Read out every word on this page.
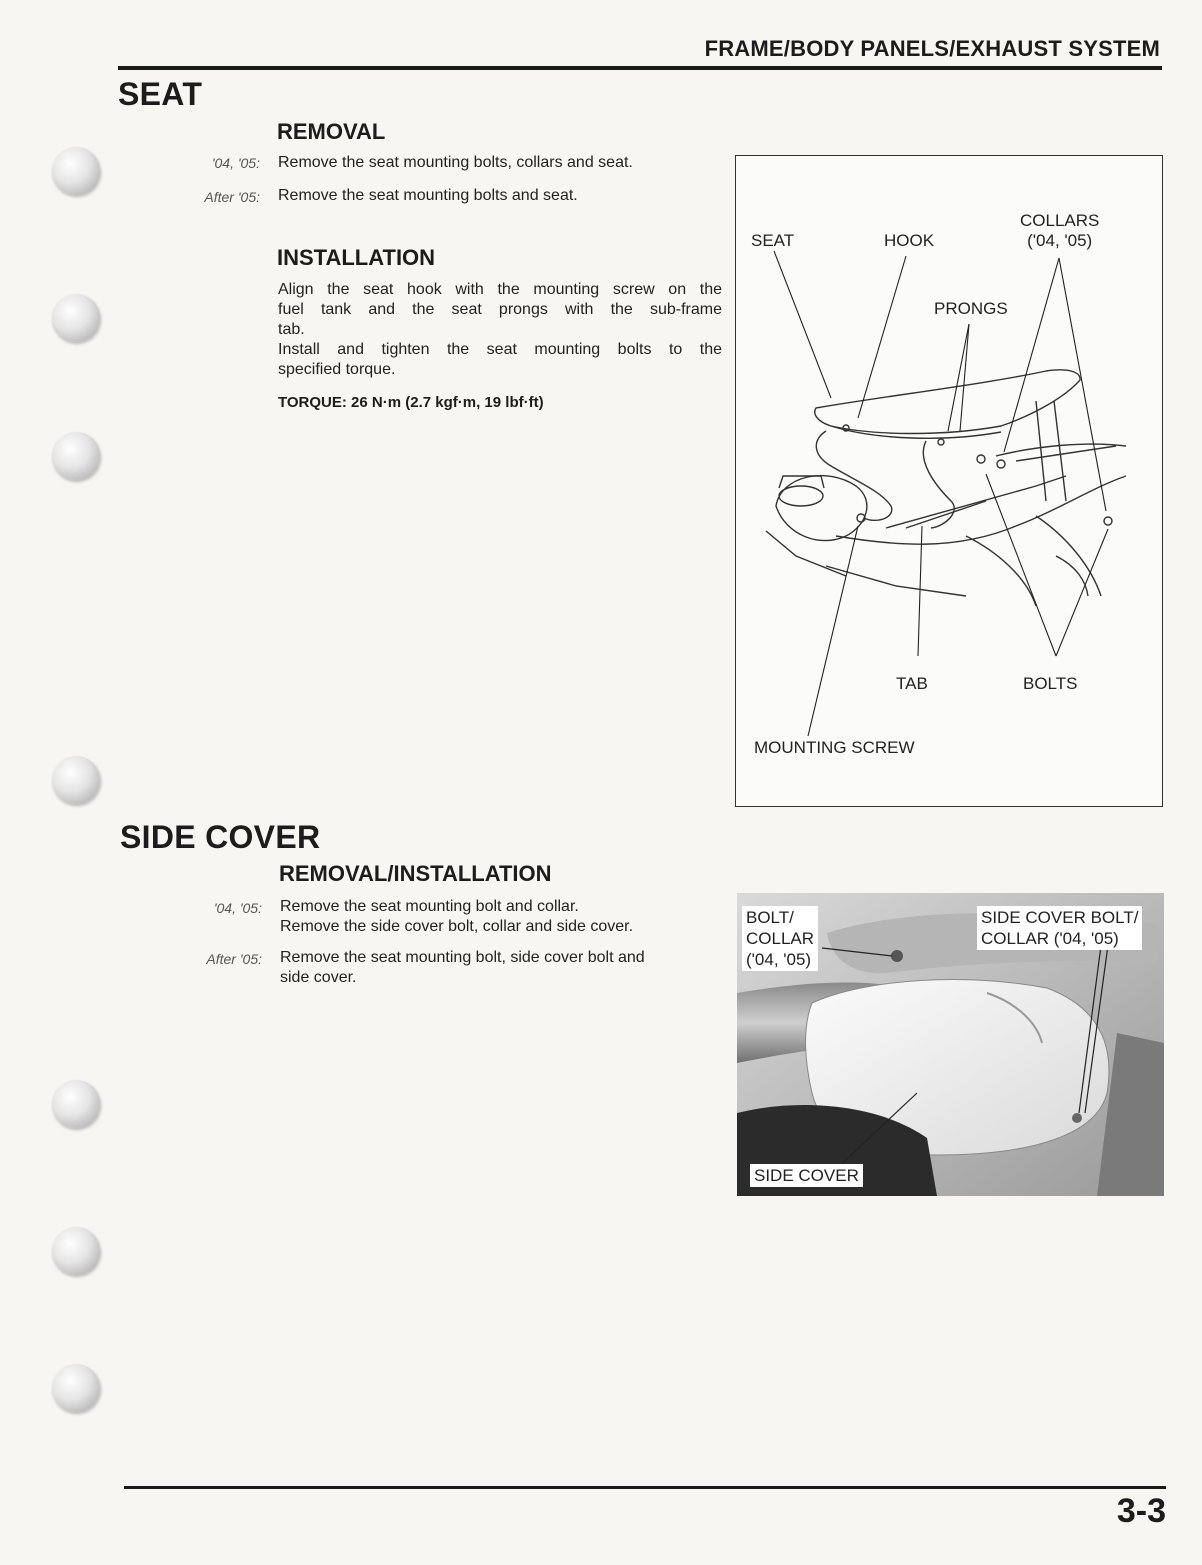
FRAME/BODY PANELS/EXHAUST SYSTEM
SEAT
REMOVAL
'04, '05: Remove the seat mounting bolts, collars and seat.
After '05: Remove the seat mounting bolts and seat.
INSTALLATION
Align the seat hook with the mounting screw on the
fuel tank and the seat prongs with the sub-frame
tab.
Install and tighten the seat mounting bolts to the
specified torque.
TORQUE: 26 N·m (2.7 kgf·m, 19 lbf·ft)
SEAT	HOOK
COLLARS
('04, '05)
PRONGS
TAB	BOLTS
MOUNTING SCREW
SIDE COVER
REMOVAL/INSTALLATION
'04, '05: Remove the seat mounting bolt and collar.
Remove the side cover bolt, collar and side cover.
After '05: Remove the seat mounting bolt, side cover bolt and
side cover.
BOLT/
COLLAR
('04, '05)
SIDE COVER BOLT/
COLLAR ('04, '05)
SIDE COVER
3-3
